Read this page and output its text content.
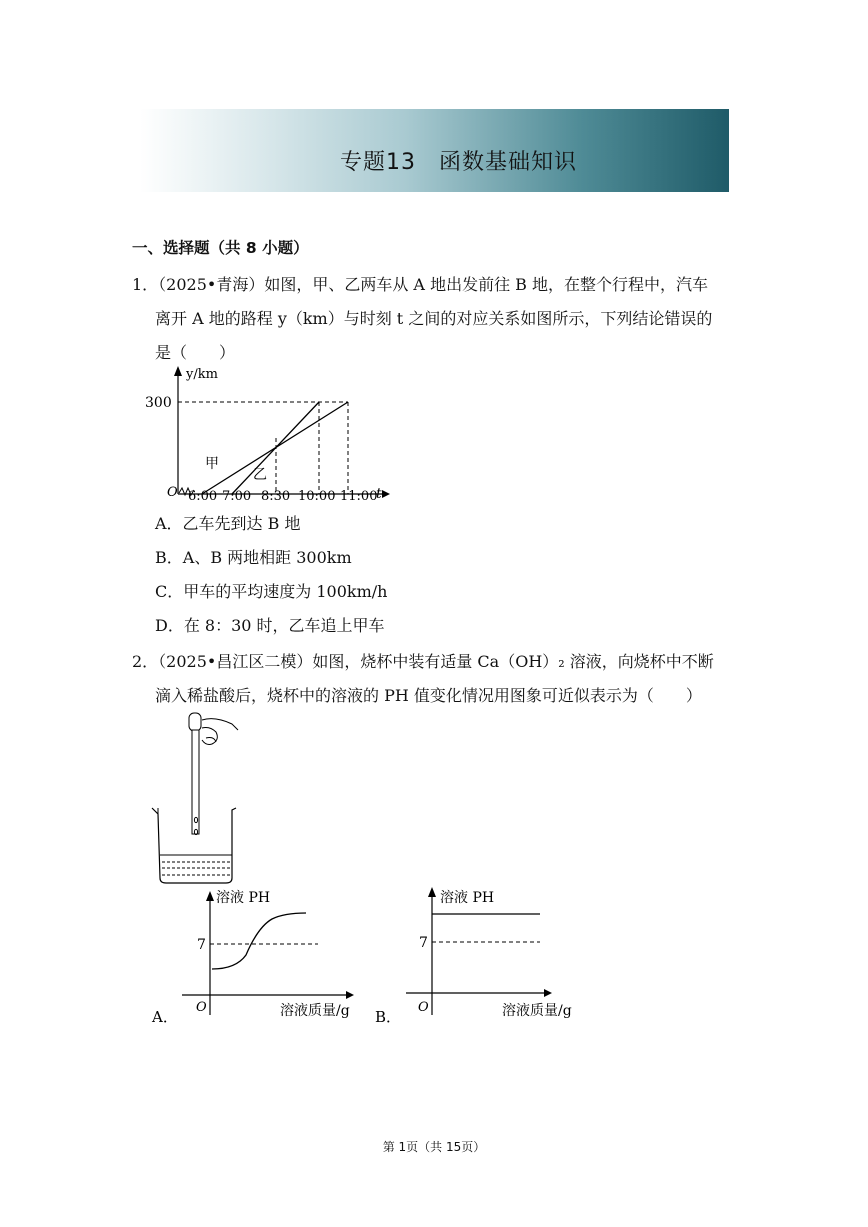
专题13　函数基础知识
一、选择题（共 8 小题）
1．（2025•青海）如图，甲、乙两车从 A 地出发前往 B 地，在整个行程中，汽车
离开 A 地的路程 y（km）与时刻 t 之间的对应关系如图所示，下列结论错误的
是（　　）
y/km
300
O	t
6:00 7:00 8:30 10:00 11:00
甲
乙
A．乙车先到达 B 地
B．A、B 两地相距 300km
C．甲车的平均速度为 100km/h
D．在 8：30 时，乙车追上甲车
2．（2025•昌江区二模）如图，烧杯中装有适量 Ca（OH）₂ 溶液，向烧杯中不断
滴入稀盐酸后，烧杯中的溶液的 PH 值变化情况用图象可近似表示为（　　）
溶液 PH
7
O	溶液质量/g
A．
溶液 PH
7
O	溶液质量/g
B．
第 1页（共 15页）
